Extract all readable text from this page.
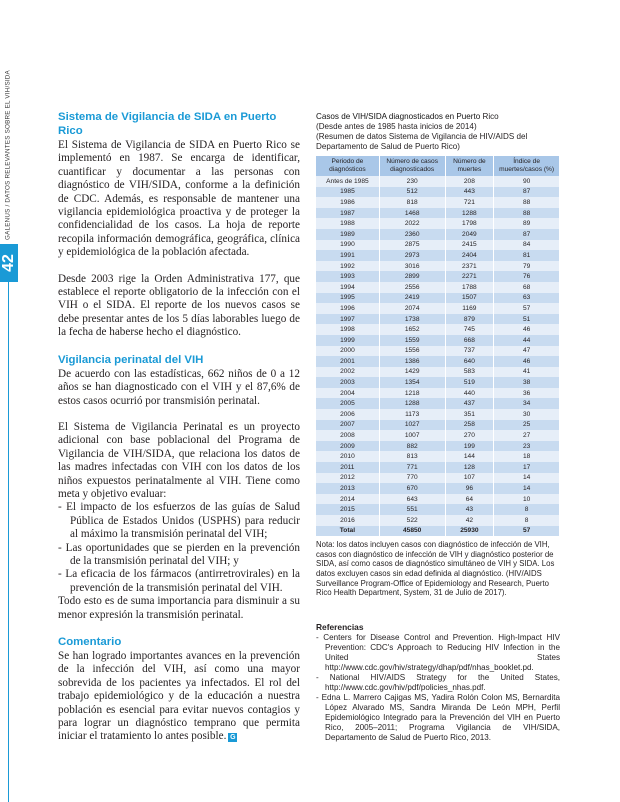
GALENUS / DATOS RELEVANTES SOBRE EL VIH/SIDA
42
Sistema de Vigilancia de SIDA en Puerto Rico

El Sistema de Vigilancia de SIDA en Puerto Rico se implementó en 1987. Se encarga de identificar, cuantificar y documentar a las personas con diagnóstico de VIH/SIDA, conforme a la definición de CDC. Además, es responsable de mantener una vigilancia epidemiológica proactiva y de proteger la confidencialidad de los casos. La hoja de reporte recopila información demográfica, geográfica, clínica y epidemiológica de la población afectada.

Desde 2003 rige la Orden Administrativa 177, que establece el reporte obligatorio de la infección con el VIH o el SIDA. El reporte de los nuevos casos se debe presentar antes de los 5 días laborables luego de la fecha de haberse hecho el diagnóstico.

Vigilancia perinatal del VIH

De acuerdo con las estadísticas, 662 niños de 0 a 12 años se han diagnosticado con el VIH y el 87,6% de estos casos ocurrió por transmisión perinatal.

El Sistema de Vigilancia Perinatal es un proyecto adicional con base poblacional del Programa de Vigilancia de VIH/SIDA, que relaciona los datos de las madres infectadas con VIH con los datos de los niños expuestos perinatalmente al VIH. Tiene como meta y objetivo evaluar:

- El impacto de los esfuerzos de las guías de Salud Pública de Estados Unidos (USPHS) para reducir al máximo la transmisión perinatal del VIH;
- Las oportunidades que se pierden en la prevención de la transmisión perinatal del VIH; y
- La eficacia de los fármacos (antirretrovirales) en la prevención de la transmisión perinatal del VIH.

Todo esto es de suma importancia para disminuir a su menor expresión la transmisión perinatal.

Comentario

Se han logrado importantes avances en la prevención de la infección del VIH, así como una mayor sobrevida de los pacientes ya infectados. El rol del trabajo epidemiológico y de la educación a nuestra población es esencial para evitar nuevos contagios y para lograr un diagnóstico temprano que permita iniciar el tratamiento lo antes posible. G

Casos de VIH/SIDA diagnosticados en Puerto Rico
(Desde antes de 1985 hasta inicios de 2014)
(Resumen de datos Sistema de Vigilancia de HIV/AIDS del Departamento de Salud de Puerto Rico)
Periodo de diagnósticos	Número de casos diagnosticados	Número de muertes	Índice de muertes/casos (%)
Antes de 1985	230	208	90
1985	512	443	87
1986	818	721	88
1987	1468	1288	88
1988	2022	1798	89
1989	2360	2049	87
1990	2875	2415	84
1991	2973	2404	81
1992	3016	2371	79
1993	2899	2271	76
1994	2556	1788	68
1995	2419	1507	63
1996	2074	1169	57
1997	1738	879	51
1998	1652	745	46
1999	1559	668	44
2000	1556	737	47
2001	1386	640	46
2002	1429	583	41
2003	1354	519	38
2004	1218	440	36
2005	1288	437	34
2006	1173	351	30
2007	1027	258	25
2008	1007	270	27
2009	882	199	23
2010	813	144	18
2011	771	128	17
2012	770	107	14
2013	670	96	14
2014	643	64	10
2015	551	43	8
2016	522	42	8
Total	45850	25930	57

Nota: los datos incluyen casos con diagnóstico de infección de VIH, casos con diagnóstico de infección de VIH y diagnóstico posterior de SIDA, así como casos de diagnóstico simultáneo de VIH y SIDA. Los datos excluyen casos sin edad definida al diagnóstico. (HIV/AIDS Surveillance Program-Office of Epidemiology and Research, Puerto Rico Health Department, System, 31 de Julio de 2017).

Referencias
- Centers for Disease Control and Prevention. High-Impact HIV Prevention: CDC's Approach to Reducing HIV Infection in the United States http://www.cdc.gov/hiv/strategy/dhap/pdf/nhas_booklet.pd.
- National HIV/AIDS Strategy for the United States, http://www.cdc.gov/hiv/pdf/policies_nhas.pdf.
- Edna L. Marrero Cajigas MS, Yadira Rolón Colon MS, Bernardita López Alvarado MS, Sandra Miranda De León MPH, Perfil Epidemiológico Integrado para la Prevención del VIH en Puerto Rico, 2005–2011; Programa Vigilancia de VIH/SIDA, Departamento de Salud de Puerto Rico, 2013.
